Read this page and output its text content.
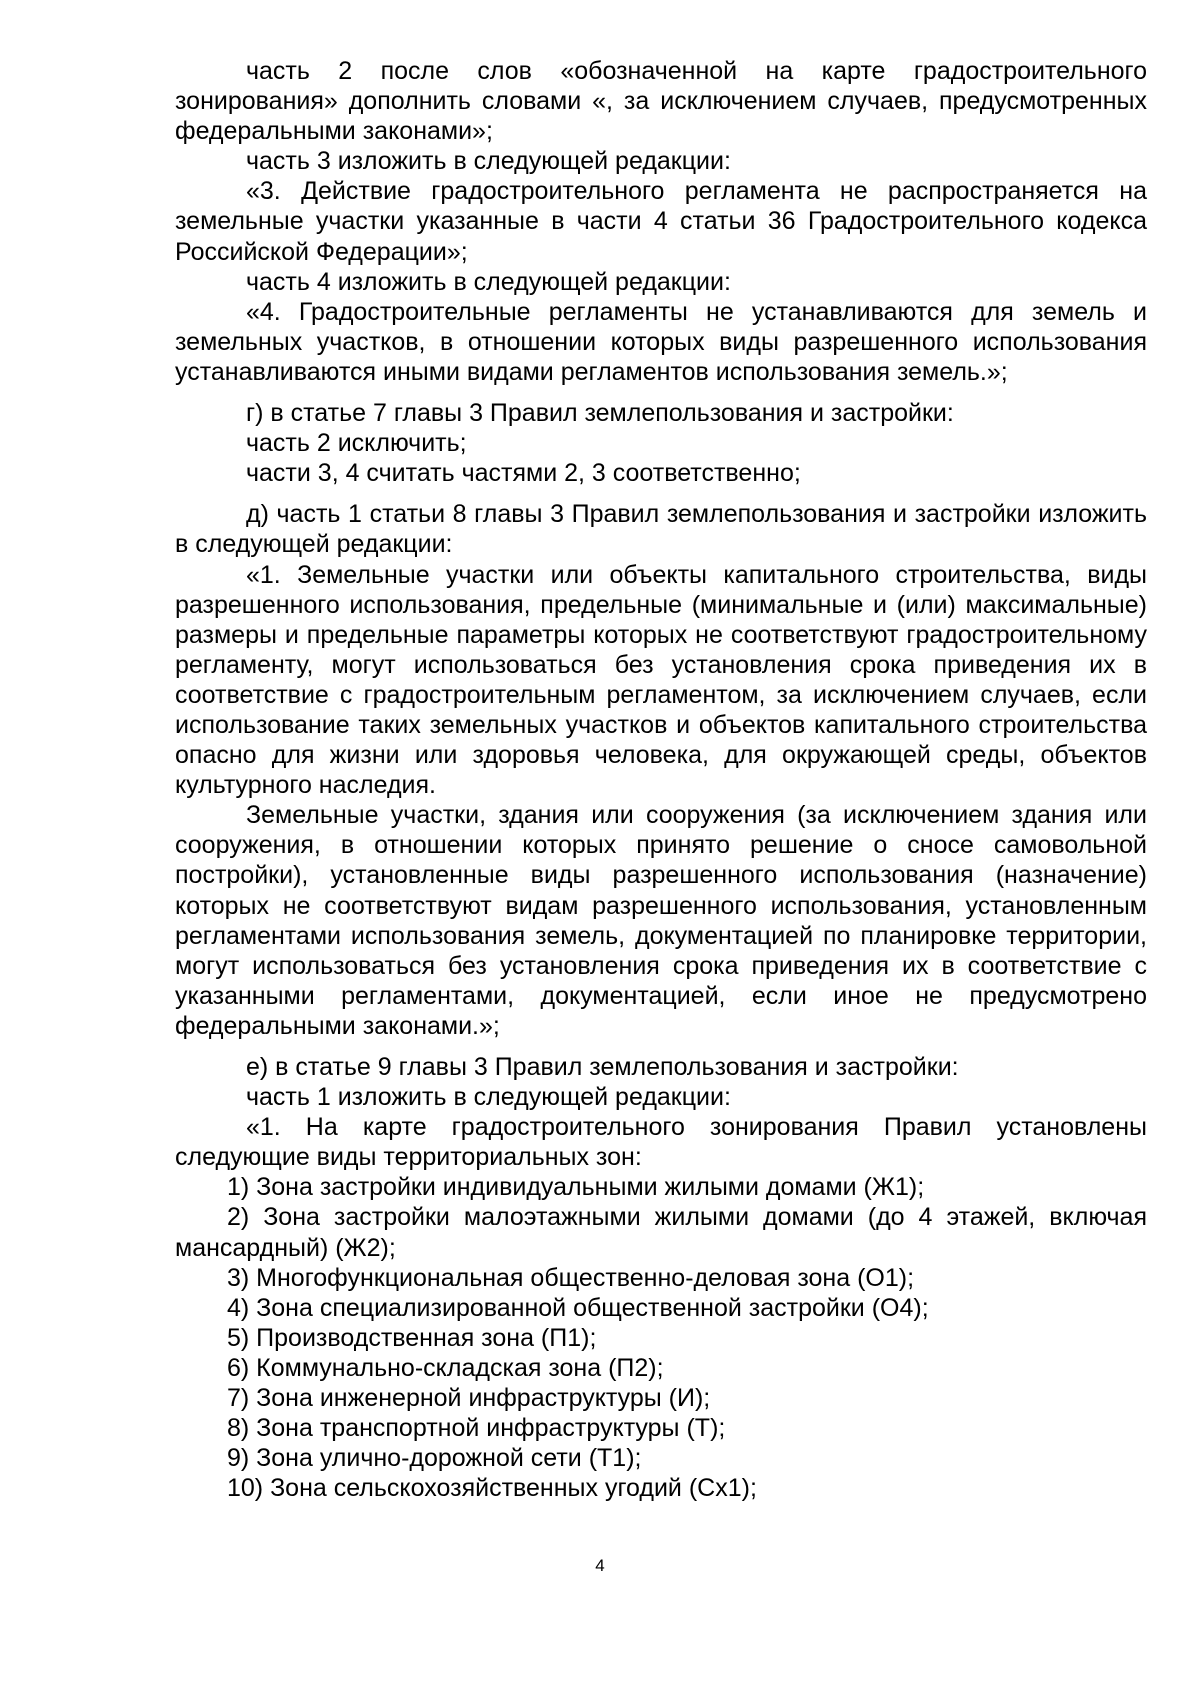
часть 2 после слов «обозначенной на карте градостроительного зонирования» дополнить словами «, за исключением случаев, предусмотренных федеральными законами»;

часть 3 изложить в следующей редакции:

«3. Действие градостроительного регламента не распространяется на земельные участки указанные в части 4 статьи 36 Градостроительного кодекса Российской Федерации»;

часть 4 изложить в следующей редакции:

«4. Градостроительные регламенты не устанавливаются для земель и земельных участков, в отношении которых виды разрешенного использования устанавливаются иными видами регламентов использования земель.»;

г) в статье 7 главы 3 Правил землепользования и застройки:

часть 2 исключить;

части 3, 4 считать частями 2, 3 соответственно;

д) часть 1 статьи 8 главы 3 Правил землепользования и застройки изложить в следующей редакции:

«1. Земельные участки или объекты капитального строительства, виды разрешенного использования, предельные (минимальные и (или) максимальные) размеры и предельные параметры которых не соответствуют градостроительному регламенту, могут использоваться без установления срока приведения их в соответствие с градостроительным регламентом, за исключением случаев, если использование таких земельных участков и объектов капитального строительства опасно для жизни или здоровья человека, для окружающей среды, объектов культурного наследия.

Земельные участки, здания или сооружения (за исключением здания или сооружения, в отношении которых принято решение о сносе самовольной постройки), установленные виды разрешенного использования (назначение) которых не соответствуют видам разрешенного использования, установленным регламентами использования земель, документацией по планировке территории, могут использоваться без установления срока приведения их в соответствие с указанными регламентами, документацией, если иное не предусмотрено федеральными законами.»;

е) в статье 9 главы 3 Правил землепользования и застройки:

часть 1 изложить в следующей редакции:

«1. На карте градостроительного зонирования Правил установлены следующие виды территориальных зон:

1) Зона застройки индивидуальными жилыми домами (Ж1);

2) Зона застройки малоэтажными жилыми домами (до 4 этажей, включая мансардный) (Ж2);

3) Многофункциональная общественно-деловая зона (О1);

4) Зона специализированной общественной застройки (О4);

5) Производственная зона (П1);

6) Коммунально-складская зона (П2);

7) Зона инженерной инфраструктуры (И);

8) Зона транспортной инфраструктуры (Т);

9) Зона улично-дорожной сети (Т1);

10) Зона сельскохозяйственных угодий (Сх1);

4
